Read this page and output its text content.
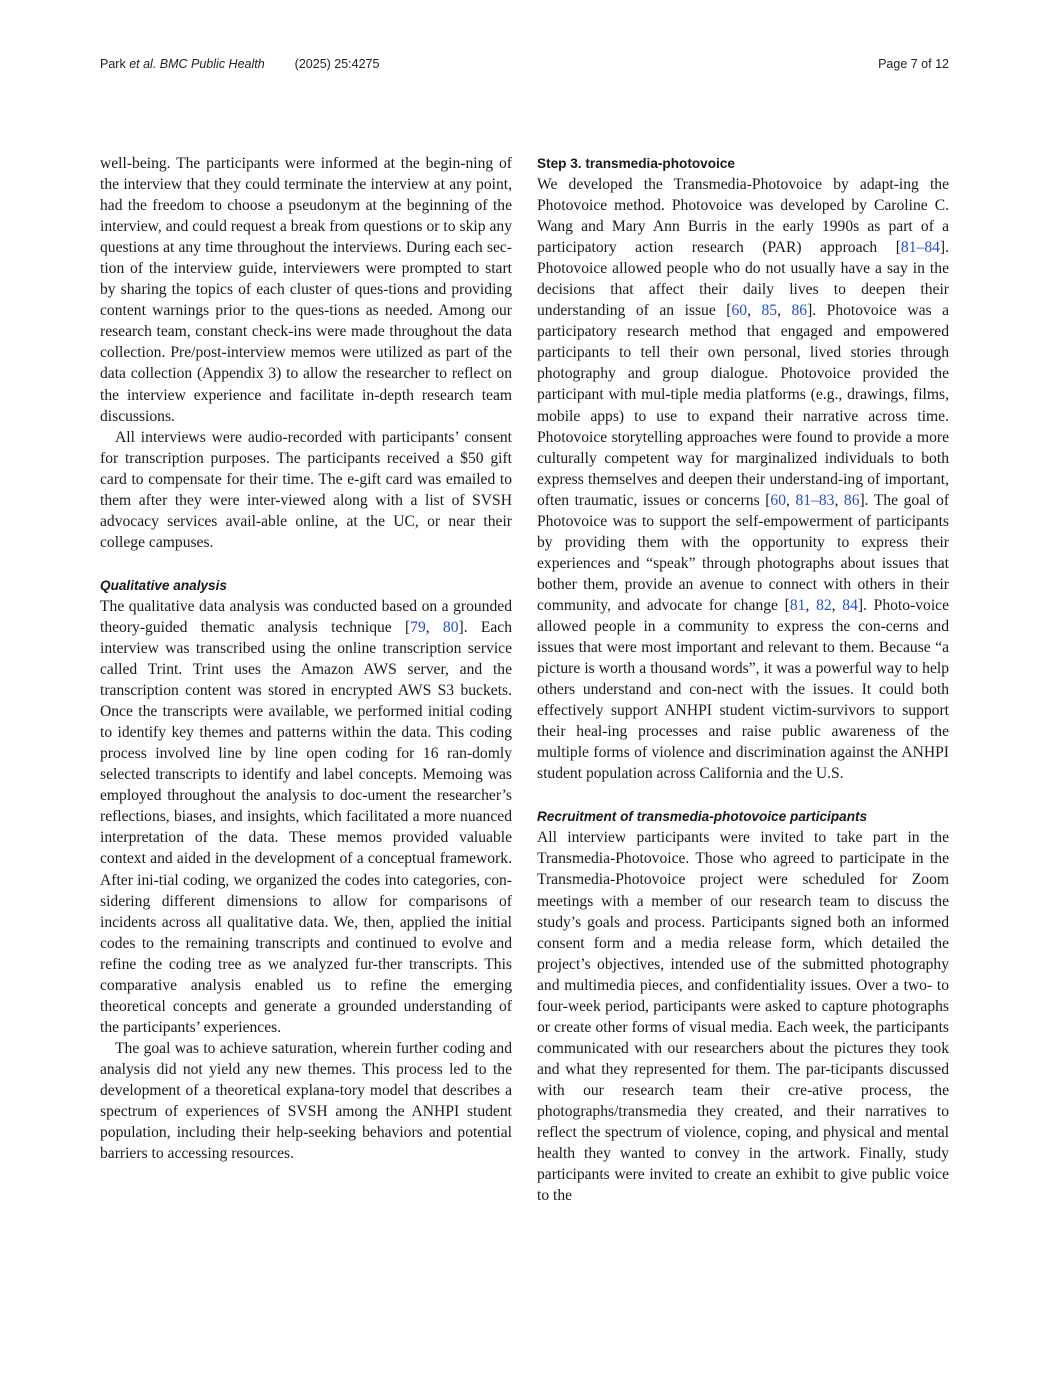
Park et al. BMC Public Health (2025) 25:4275	Page 7 of 12

well-being. The participants were informed at the begin-ning of the interview that they could terminate the interview at any point, had the freedom to choose a pseudonym at the beginning of the interview, and could request a break from questions or to skip any questions at any time throughout the interviews. During each sec-tion of the interview guide, interviewers were prompted to start by sharing the topics of each cluster of ques-tions and providing content warnings prior to the ques-tions as needed. Among our research team, constant check-ins were made throughout the data collection. Pre/post-interview memos were utilized as part of the data collection (Appendix 3) to allow the researcher to reflect on the interview experience and facilitate in-depth research team discussions.

All interviews were audio-recorded with participants’ consent for transcription purposes. The participants received a $50 gift card to compensate for their time. The e-gift card was emailed to them after they were inter-viewed along with a list of SVSH advocacy services avail-able online, at the UC, or near their college campuses.

Qualitative analysis

The qualitative data analysis was conducted based on a grounded theory-guided thematic analysis technique [79, 80]. Each interview was transcribed using the online transcription service called Trint. Trint uses the Amazon AWS server, and the transcription content was stored in encrypted AWS S3 buckets. Once the transcripts were available, we performed initial coding to identify key themes and patterns within the data. This coding process involved line by line open coding for 16 ran-domly selected transcripts to identify and label concepts. Memoing was employed throughout the analysis to doc-ument the researcher’s reflections, biases, and insights, which facilitated a more nuanced interpretation of the data. These memos provided valuable context and aided in the development of a conceptual framework. After ini-tial coding, we organized the codes into categories, con-sidering different dimensions to allow for comparisons of incidents across all qualitative data. We, then, applied the initial codes to the remaining transcripts and continued to evolve and refine the coding tree as we analyzed fur-ther transcripts. This comparative analysis enabled us to refine the emerging theoretical concepts and generate a grounded understanding of the participants’ experiences.

The goal was to achieve saturation, wherein further coding and analysis did not yield any new themes. This process led to the development of a theoretical explana-tory model that describes a spectrum of experiences of SVSH among the ANHPI student population, including their help-seeking behaviors and potential barriers to accessing resources.

Step 3. transmedia-photovoice

We developed the Transmedia-Photovoice by adapt-ing the Photovoice method. Photovoice was developed by Caroline C. Wang and Mary Ann Burris in the early 1990s as part of a participatory action research (PAR) approach [81–84]. Photovoice allowed people who do not usually have a say in the decisions that affect their daily lives to deepen their understanding of an issue [60, 85, 86]. Photovoice was a participatory research method that engaged and empowered participants to tell their own personal, lived stories through photography and group dialogue. Photovoice provided the participant with mul-tiple media platforms (e.g., drawings, films, mobile apps) to use to expand their narrative across time. Photovoice storytelling approaches were found to provide a more culturally competent way for marginalized individuals to both express themselves and deepen their understand-ing of important, often traumatic, issues or concerns [60, 81–83, 86]. The goal of Photovoice was to support the self-empowerment of participants by providing them with the opportunity to express their experiences and “speak” through photographs about issues that bother them, provide an avenue to connect with others in their community, and advocate for change [81, 82, 84]. Photo-voice allowed people in a community to express the con-cerns and issues that were most important and relevant to them. Because “a picture is worth a thousand words”, it was a powerful way to help others understand and con-nect with the issues. It could both effectively support ANHPI student victim-survivors to support their heal-ing processes and raise public awareness of the multiple forms of violence and discrimination against the ANHPI student population across California and the U.S.

Recruitment of transmedia-photovoice participants

All interview participants were invited to take part in the Transmedia-Photovoice. Those who agreed to participate in the Transmedia-Photovoice project were scheduled for Zoom meetings with a member of our research team to discuss the study’s goals and process. Participants signed both an informed consent form and a media release form, which detailed the project’s objectives, intended use of the submitted photography and multimedia pieces, and confidentiality issues. Over a two- to four-week period, participants were asked to capture photographs or create other forms of visual media. Each week, the participants communicated with our researchers about the pictures they took and what they represented for them. The par-ticipants discussed with our research team their cre-ative process, the photographs/transmedia they created, and their narratives to reflect the spectrum of violence, coping, and physical and mental health they wanted to convey in the artwork. Finally, study participants were invited to create an exhibit to give public voice to the
